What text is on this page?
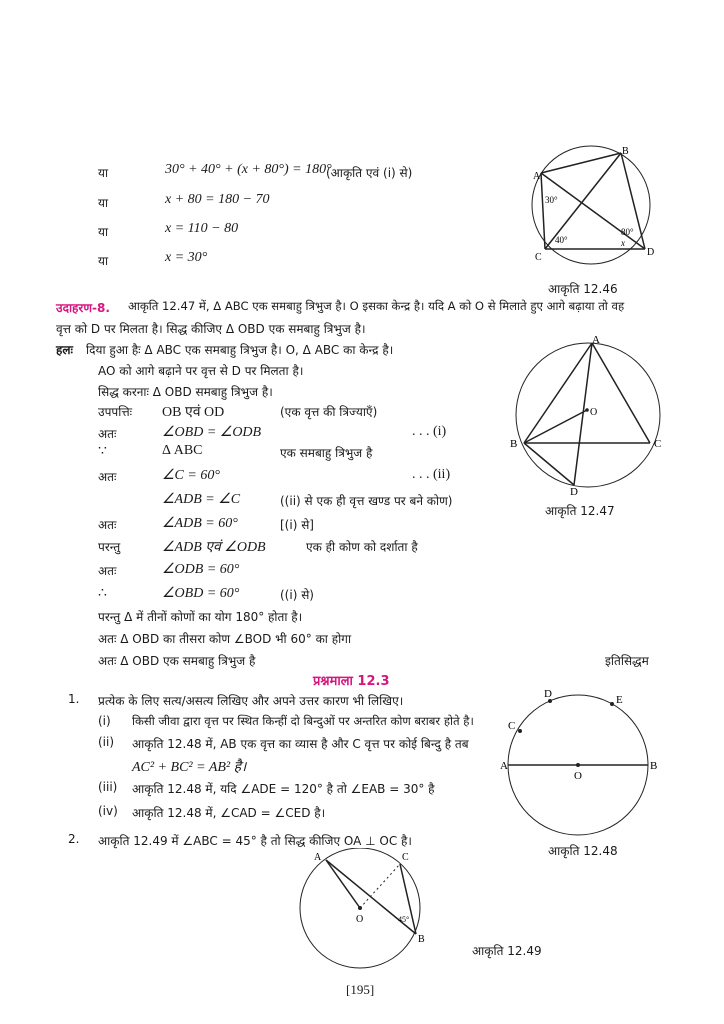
या	30° + 40° + (x + 80°) = 180°
(आकृति एवं (i) से)
या	x + 80 = 180 − 70
या	x = 110 − 80
या	x = 30°
A
B
C	D
30°
40°
80°
x
आकृति 12.46
उदाहरण-8. आकृति 12.47 में, Δ ABC एक समबाहु त्रिभुज है। O इसका केन्द्र है। यदि A को O से मिलाते हुए आगे बढ़ाया तो वह
वृत्त को D पर मिलता है। सिद्ध कीजिए Δ OBD एक समबाहु त्रिभुज है।
हलः दिया हुआ हैः Δ ABC एक समबाहु त्रिभुज है। O, Δ ABC का केन्द्र है।
AO को आगे बढ़ाने पर वृत्त से D पर मिलता है।
सिद्ध करनाः Δ OBD समबाहु त्रिभुज है।
उपपत्तिः OB एवं OD	(एक वृत्त की त्रिज्याएँ)
अतः	∠OBD = ∠ODB	. . . (i)
∵	Δ ABC	एक समबाहु त्रिभुज है
अतः	∠C = 60°	. . . (ii)
∠ADB = ∠C	((ii) से एक ही वृत्त खण्ड पर बने कोण)
अतः	∠ADB = 60°	[(i) से]
परन्तु	∠ADB एवं ∠ODB	एक ही कोण को दर्शाता है
अतः	∠ODB = 60°
∴	∠OBD = 60°	((i) से)
परन्तु Δ में तीनों कोणों का योग 180° होता है।
अतः Δ OBD का तीसरा कोण ∠BOD भी 60° का होगा
अतः Δ OBD एक समबाहु त्रिभुज है	इतिसिद्धम
A
B	C
D
O
आकृति 12.47
प्रश्नमाला 12.3
1. प्रत्येक के लिए सत्य/असत्य लिखिए और अपने उत्तर कारण भी लिखिए।
(i) किसी जीवा द्वारा वृत्त पर स्थित किन्हीं दो बिन्दुओं पर अन्तरित कोण बराबर होते है।
(ii) आकृति 12.48 में, AB एक वृत्त का व्यास है और C वृत्त पर कोई बिन्दु है तब
AC² + BC² = AB² है।
(iii) आकृति 12.48 में, यदि ∠ADE = 120° है तो ∠EAB = 30° है
(iv) आकृति 12.48 में, ∠CAD = ∠CED है।
2. आकृति 12.49 में ∠ABC = 45° है तो सिद्ध कीजिए OA ⊥ OC है।
A	B
C
D	E
O
आकृति 12.48
A	C
B
O	45°
आकृति 12.49
[195]
